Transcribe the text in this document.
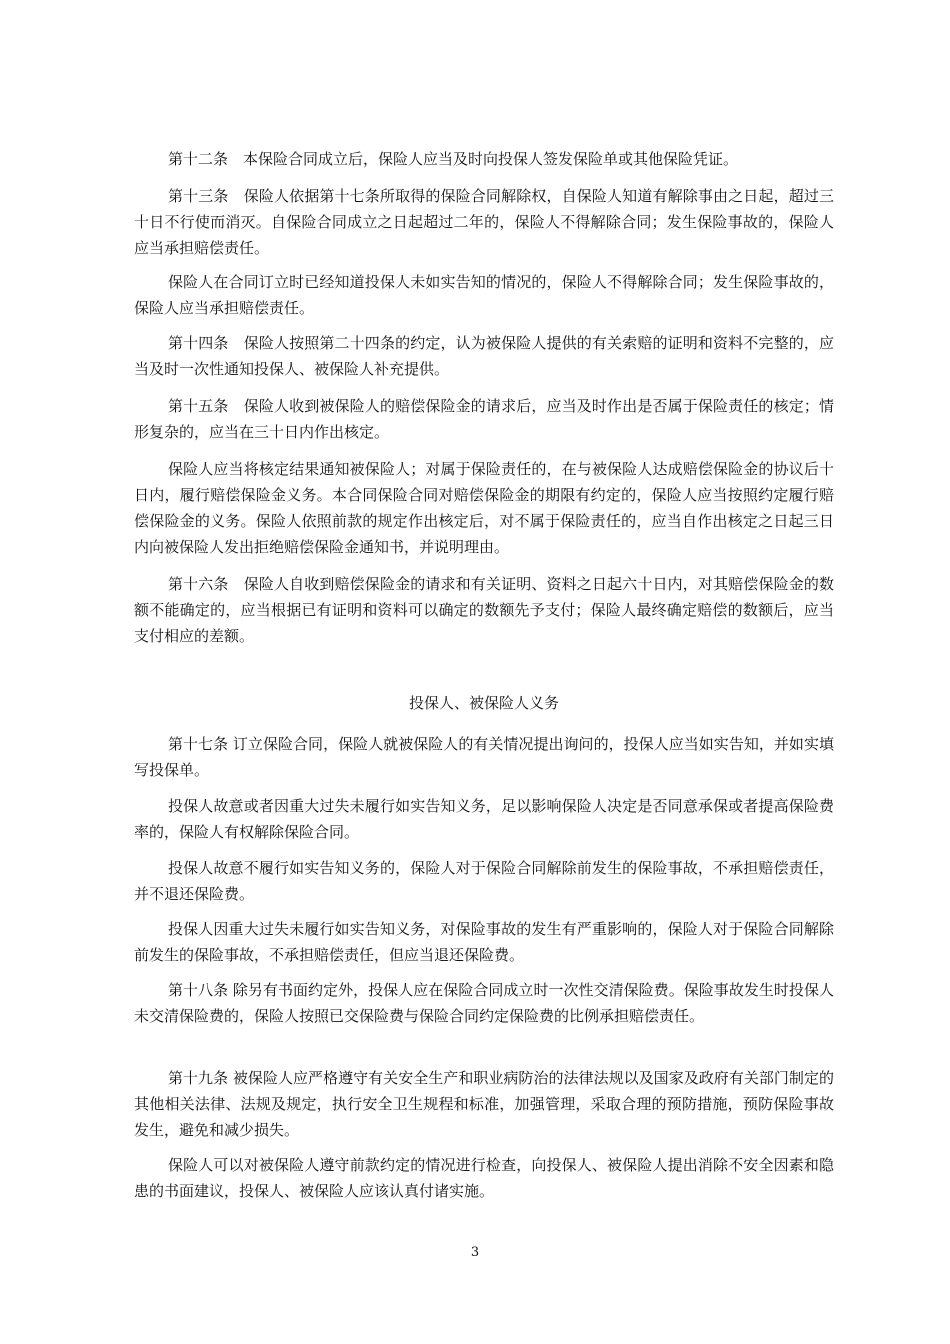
第十二条　本保险合同成立后，保险人应当及时向投保人签发保险单或其他保险凭证。

第十三条　保险人依据第十七条所取得的保险合同解除权，自保险人知道有解除事由之日起，超过三十日不行使而消灭。自保险合同成立之日起超过二年的，保险人不得解除合同；发生保险事故的，保险人应当承担赔偿责任。

保险人在合同订立时已经知道投保人未如实告知的情况的，保险人不得解除合同；发生保险事故的，保险人应当承担赔偿责任。

第十四条　保险人按照第二十四条的约定，认为被保险人提供的有关索赔的证明和资料不完整的，应当及时一次性通知投保人、被保险人补充提供。

第十五条　保险人收到被保险人的赔偿保险金的请求后，应当及时作出是否属于保险责任的核定；情形复杂的，应当在三十日内作出核定。

保险人应当将核定结果通知被保险人；对属于保险责任的，在与被保险人达成赔偿保险金的协议后十日内，履行赔偿保险金义务。本合同保险合同对赔偿保险金的期限有约定的，保险人应当按照约定履行赔偿保险金的义务。保险人依照前款的规定作出核定后，对不属于保险责任的，应当自作出核定之日起三日内向被保险人发出拒绝赔偿保险金通知书，并说明理由。

第十六条　保险人自收到赔偿保险金的请求和有关证明、资料之日起六十日内，对其赔偿保险金的数额不能确定的，应当根据已有证明和资料可以确定的数额先予支付；保险人最终确定赔偿的数额后，应当支付相应的差额。

投保人、被保险人义务

第十七条 订立保险合同，保险人就被保险人的有关情况提出询问的，投保人应当如实告知，并如实填写投保单。

投保人故意或者因重大过失未履行如实告知义务，足以影响保险人决定是否同意承保或者提高保险费率的，保险人有权解除保险合同。

投保人故意不履行如实告知义务的，保险人对于保险合同解除前发生的保险事故，不承担赔偿责任，并不退还保险费。

投保人因重大过失未履行如实告知义务，对保险事故的发生有严重影响的，保险人对于保险合同解除前发生的保险事故，不承担赔偿责任，但应当退还保险费。

第十八条 除另有书面约定外，投保人应在保险合同成立时一次性交清保险费。保险事故发生时投保人未交清保险费的，保险人按照已交保险费与保险合同约定保险费的比例承担赔偿责任。

第十九条 被保险人应严格遵守有关安全生产和职业病防治的法律法规以及国家及政府有关部门制定的其他相关法律、法规及规定，执行安全卫生规程和标准，加强管理，采取合理的预防措施，预防保险事故发生，避免和减少损失。

保险人可以对被保险人遵守前款约定的情况进行检查，向投保人、被保险人提出消除不安全因素和隐患的书面建议，投保人、被保险人应该认真付诸实施。

3
